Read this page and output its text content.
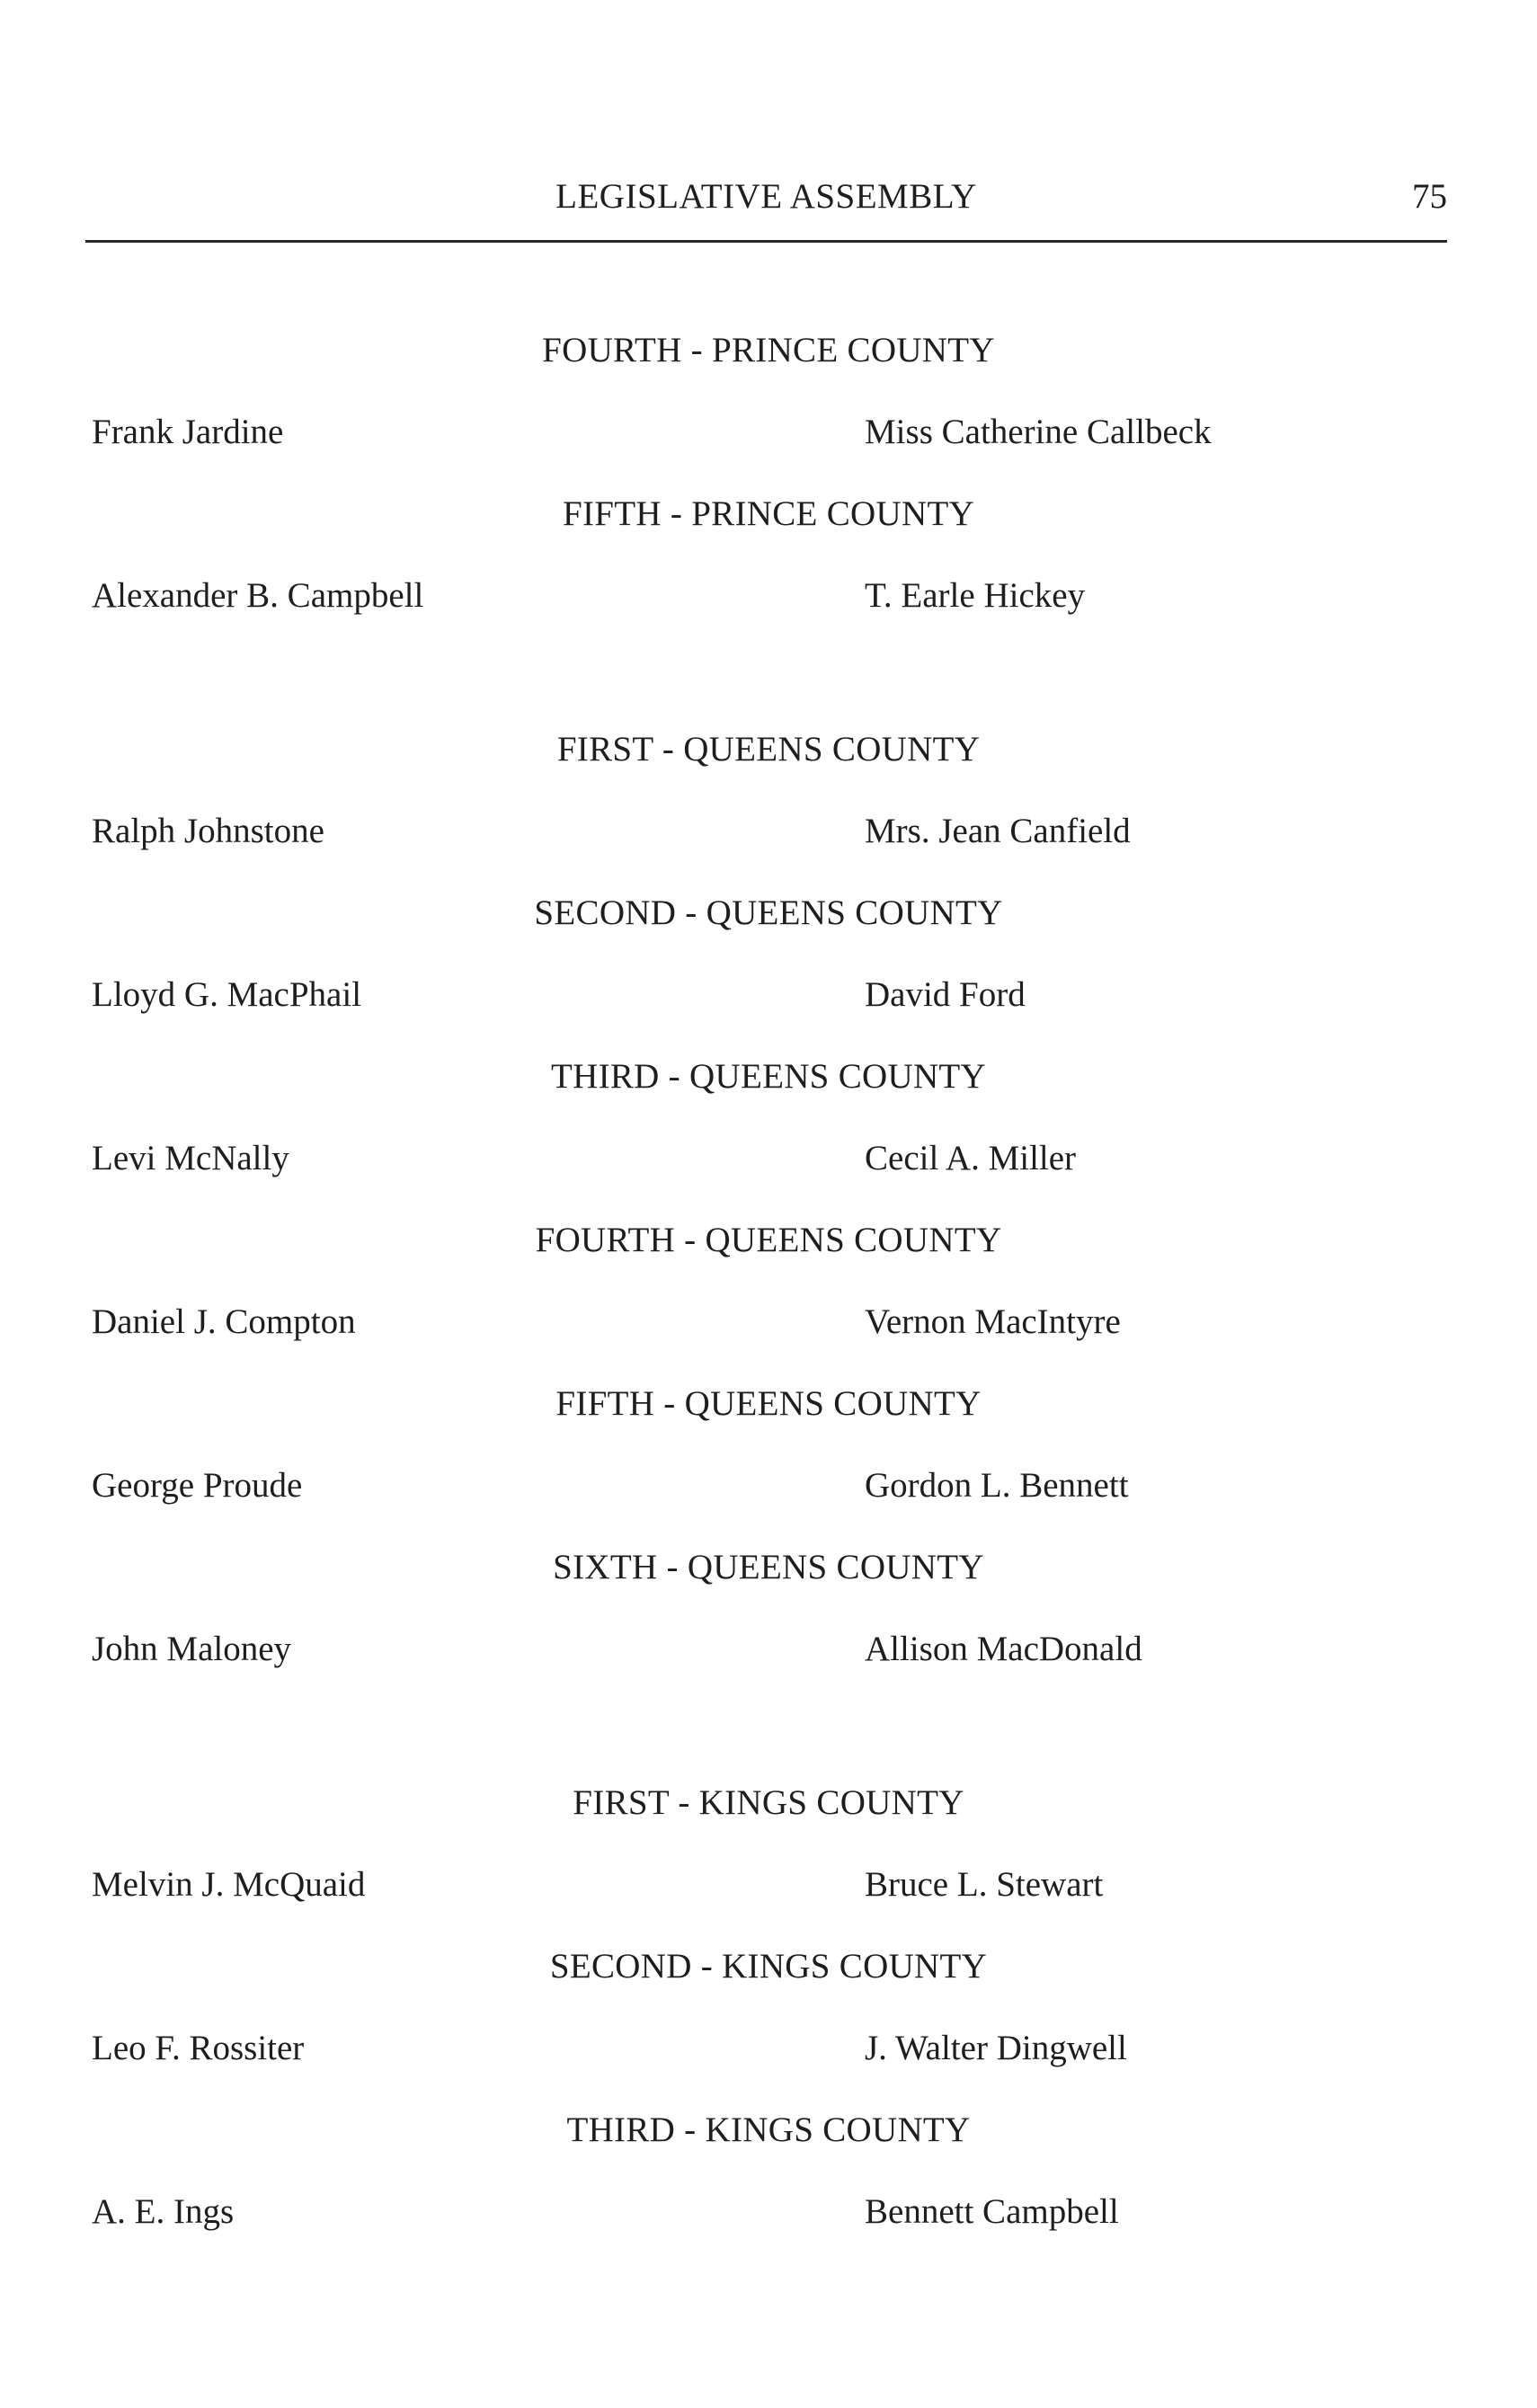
LEGISLATIVE ASSEMBLY	75
FOURTH - PRINCE COUNTY
Frank Jardine	Miss Catherine Callbeck
FIFTH - PRINCE COUNTY
Alexander B. Campbell	T. Earle Hickey
FIRST - QUEENS COUNTY
Ralph Johnstone	Mrs. Jean Canfield
SECOND - QUEENS COUNTY
Lloyd G. MacPhail	David Ford
THIRD - QUEENS COUNTY
Levi McNally	Cecil A. Miller
FOURTH - QUEENS COUNTY
Daniel J. Compton	Vernon MacIntyre
FIFTH - QUEENS COUNTY
George Proude	Gordon L. Bennett
SIXTH - QUEENS COUNTY
John Maloney	Allison MacDonald
FIRST - KINGS COUNTY
Melvin J. McQuaid	Bruce L. Stewart
SECOND - KINGS COUNTY
Leo F. Rossiter	J. Walter Dingwell
THIRD - KINGS COUNTY
A. E. Ings	Bennett Campbell
